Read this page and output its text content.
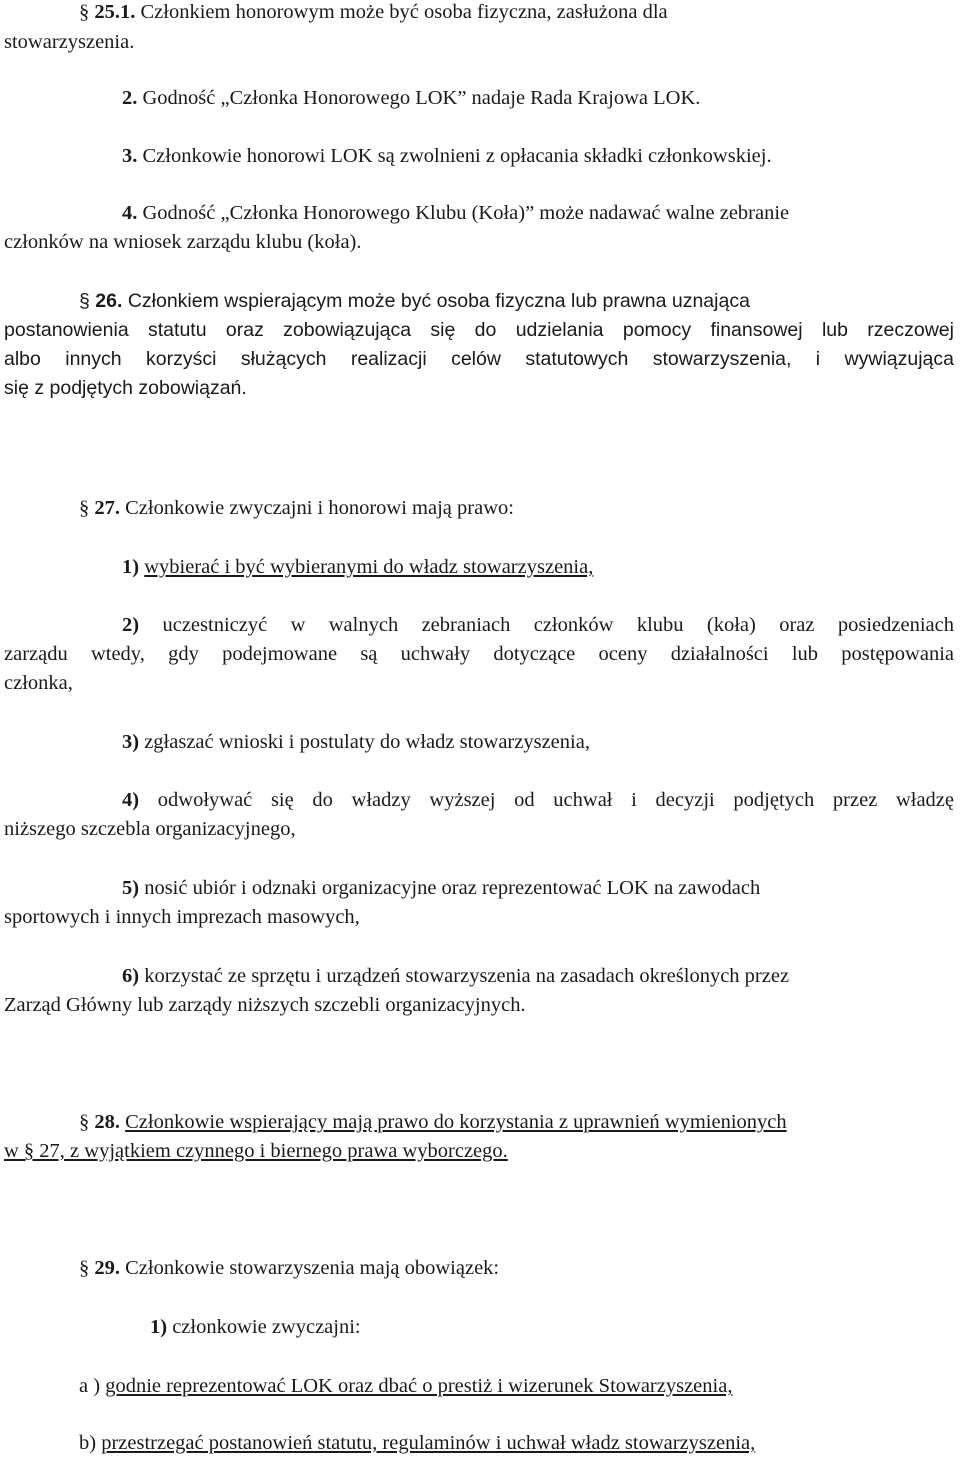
§ 25.1. Członkiem honorowym może być osoba fizyczna, zasłużona dla
stowarzyszenia.
2. Godność „Członka Honorowego LOK” nadaje Rada Krajowa LOK.
3. Członkowie honorowi LOK są zwolnieni z opłacania składki członkowskiej.
4. Godność „Członka Honorowego Klubu (Koła)” może nadawać walne zebranie
członków na wniosek zarządu klubu (koła).
§ 26. Członkiem wspierającym może być osoba fizyczna lub prawna uznająca
postanowienia statutu oraz zobowiązująca się do udzielania pomocy finansowej lub rzeczowej
albo innych korzyści służących realizacji celów statutowych stowarzyszenia, i wywiązująca
się z podjętych zobowiązań.
§ 27. Członkowie zwyczajni i honorowi mają prawo:
1) wybierać i być wybieranymi do władz stowarzyszenia,
2) uczestniczyć w walnych zebraniach członków klubu (koła) oraz posiedzeniach
zarządu wtedy, gdy podejmowane są uchwały dotyczące oceny działalności lub postępowania
członka,
3) zgłaszać wnioski i postulaty do władz stowarzyszenia,
4) odwoływać się do władzy wyższej od uchwał i decyzji podjętych przez władzę
niższego szczebla organizacyjnego,
5) nosić ubiór i odznaki organizacyjne oraz reprezentować LOK na zawodach
sportowych i innych imprezach masowych,
6) korzystać ze sprzętu i urządzeń stowarzyszenia na zasadach określonych przez
Zarząd Główny lub zarządy niższych szczebli organizacyjnych.
§ 28. Członkowie wspierający mają prawo do korzystania z uprawnień wymienionych
w § 27, z wyjątkiem czynnego i biernego prawa wyborczego.
§ 29. Członkowie stowarzyszenia mają obowiązek:
1) członkowie zwyczajni:
a ) godnie reprezentować LOK oraz dbać o prestiż i wizerunek Stowarzyszenia,
b) przestrzegać postanowień statutu, regulaminów i uchwał władz stowarzyszenia,
